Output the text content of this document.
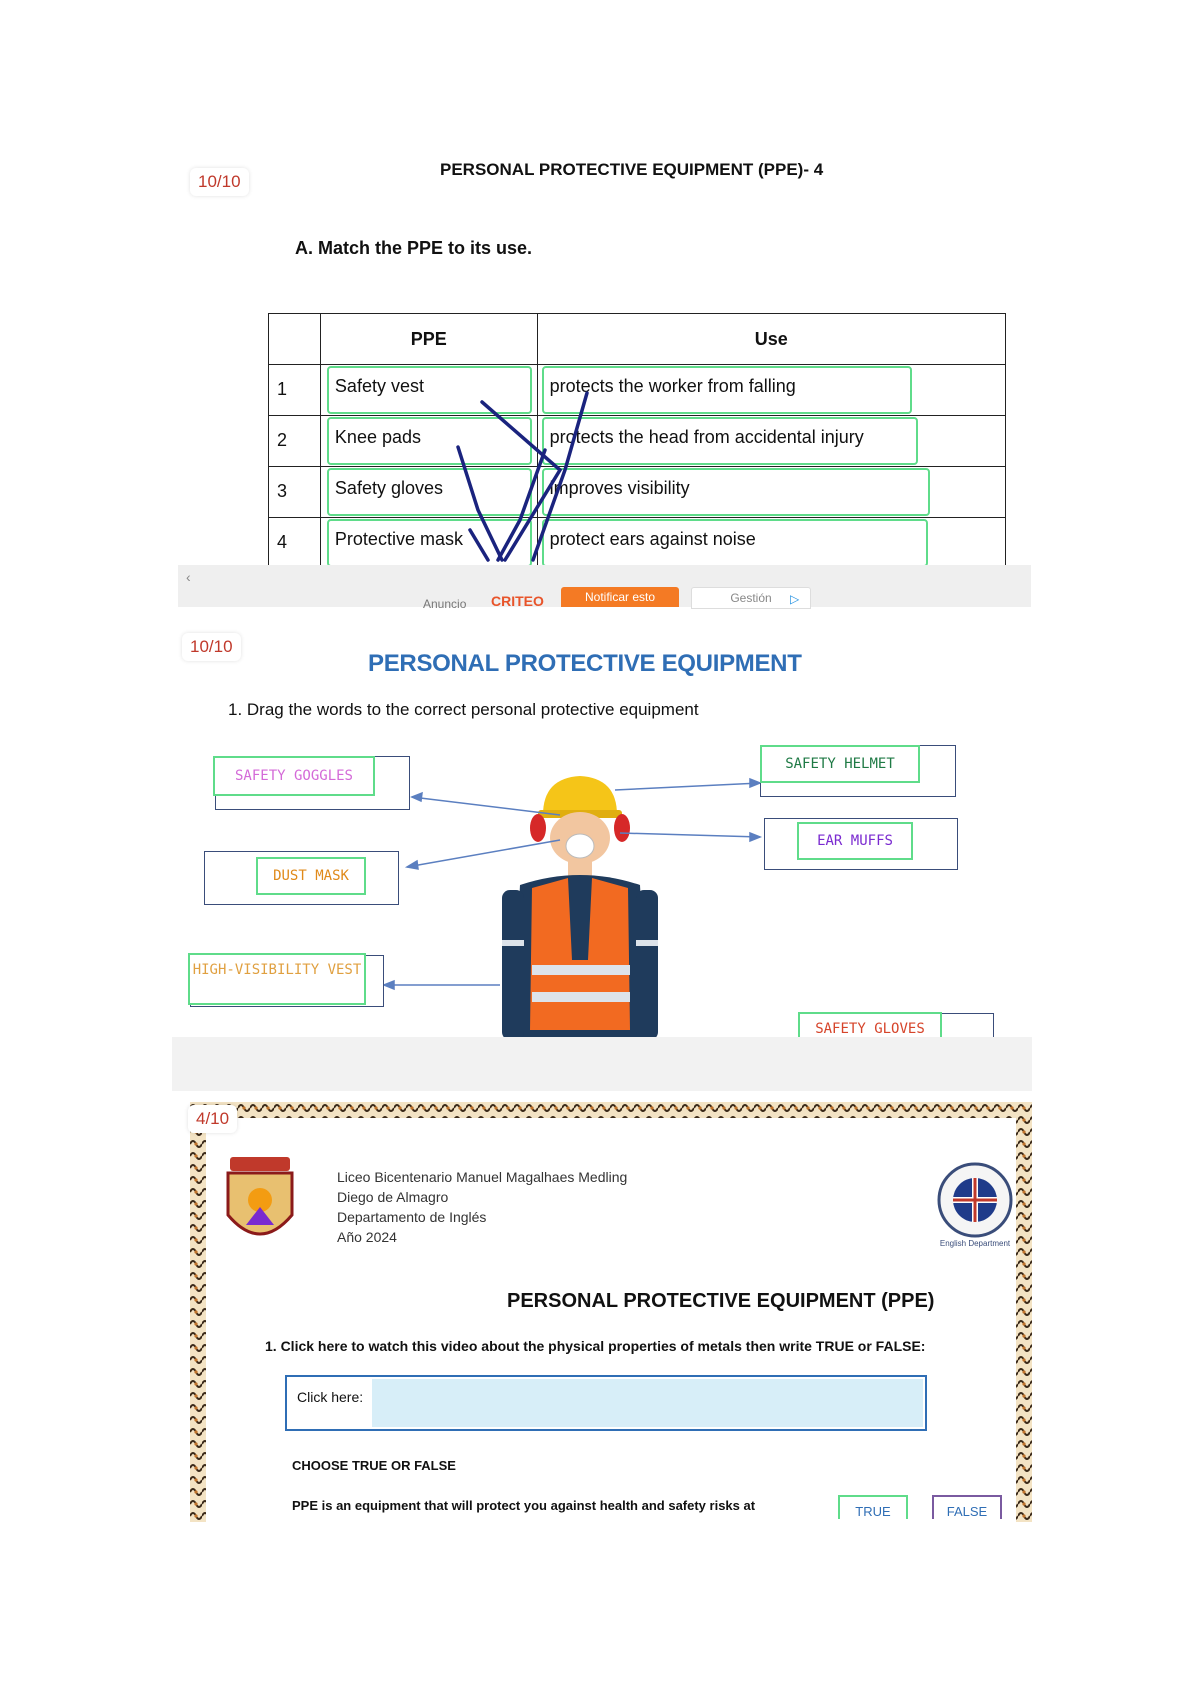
10/10
PERSONAL PROTECTIVE EQUIPMENT (PPE)- 4
A. Match the PPE to its use.
	PPE	Use

1	Safety vest	protects the worker from falling

2	Knee pads	protects the head from accidental injury

3	Safety gloves	improves visibility

4	Protective mask	protect ears against noise
‹
Anuncio CRITEO	Notificar esto	Gestión	▷
10/10
PERSONAL PROTECTIVE EQUIPMENT
1. Drag the words to the correct personal protective equipment
SAFETY GOGGLES
SAFETY HELMET
EAR MUFFS
DUST MASK
HIGH-VISIBILITY VEST
SAFETY GLOVES
4/10
Liceo Bicentenario Manuel Magalhaes Medling
Diego de Almagro
Departamento de Inglés
Año 2024	English Department
PERSONAL PROTECTIVE EQUIPMENT (PPE)
1. Click here to watch this video about the physical properties of metals then write TRUE or FALSE:
Click here:
CHOOSE TRUE OR FALSE
PPE is an equipment that will protect you against health and safety risks at	TRUE	FALSE
